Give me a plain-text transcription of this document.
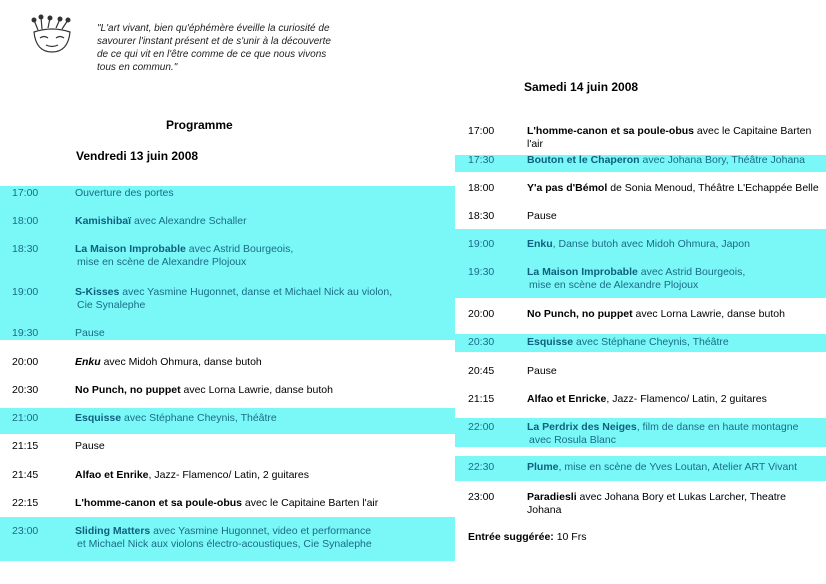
"L'art vivant, bien qu'éphémère éveille la curiosité de savourer l'instant présent et de s'unir à la découverte de ce qui vit en l'être comme de ce que nous vivons tous en commun."
Programme
Vendredi 13 juin 2008
Samedi 14 juin 2008
17:00	Ouverture des portes
18:00	Kamishibaï avec Alexandre Schaller
18:30	La Maison Improbable avec Astrid Bourgeois,
mise en scène de Alexandre Plojoux
19:00	S-Kisses avec Yasmine Hugonnet, danse et Michael Nick au violon,
Cie Synalephe
19:30	Pause
20:00	Enku avec Midoh Ohmura, danse butoh
20:30	No Punch, no puppet avec Lorna Lawrie, danse butoh
21:00	Esquisse avec Stéphane Cheynis, Théâtre
21:15	Pause
21:45	Alfao et Enrike, Jazz- Flamenco/ Latin, 2 guitares
22:15	L'homme-canon et sa poule-obus avec le Capitaine Barten l'air
23:00	Sliding Matters avec Yasmine Hugonnet, video et performance
et Michael Nick aux violons électro-acoustiques, Cie Synalephe
17:00	L'homme-canon et sa poule-obus avec le Capitaine Barten l'air
17:30	Bouton et le Chaperon avec Johana Bory, Théâtre Johana
18:00	Y'a pas d'Bémol de Sonia Menoud, Théâtre L'Echappée Belle
18:30	Pause
19:00	Enku, Danse butoh avec Midoh Ohmura, Japon
19:30	La Maison Improbable avec Astrid Bourgeois,
mise en scène de Alexandre Plojoux
20:00	No Punch, no puppet avec Lorna Lawrie, danse butoh
20:30	Esquisse avec Stéphane Cheynis, Théâtre
20:45	Pause
21:15	Alfao et Enricke, Jazz- Flamenco/ Latin, 2 guitares
22:00	La Perdrix des Neiges, film de danse en haute montagne
avec Rosula Blanc
22:30	Plume, mise en scène de Yves Loutan, Atelier ART Vivant
23:00	Paradiesli avec Johana Bory et Lukas Larcher, Theatre Johana
Entrée suggérée: 10 Frs
